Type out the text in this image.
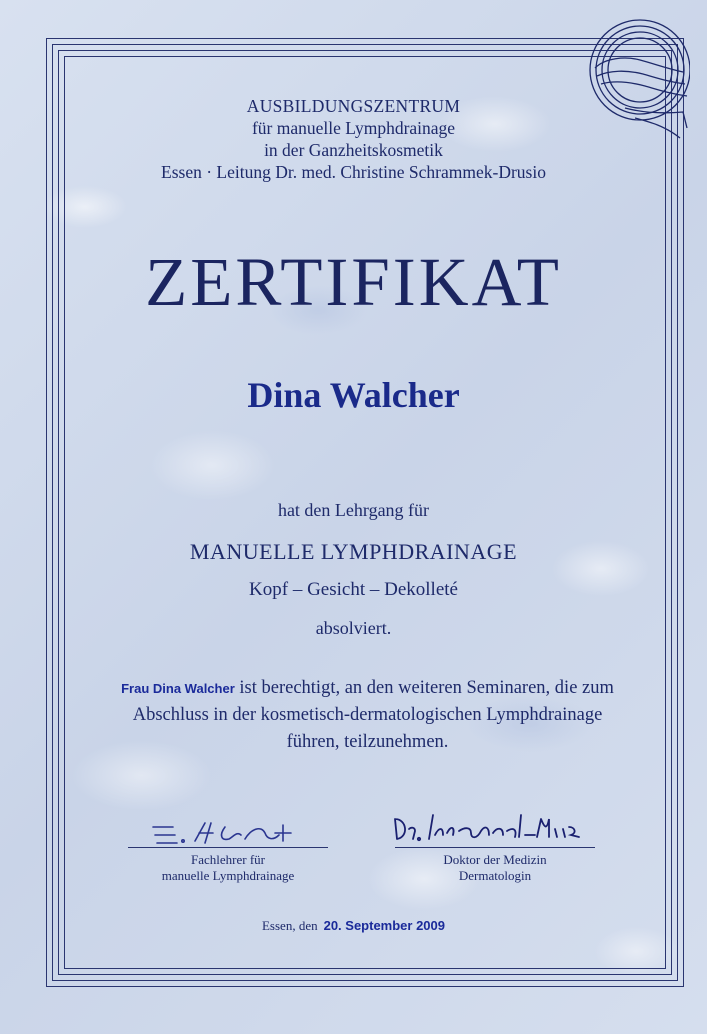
AUSBILDUNGSZENTRUM
für manuelle Lymphdrainage
in der Ganzheitskosmetik
Essen · Leitung Dr. med. Christine Schrammek-Drusio
ZERTIFIKAT
Dina Walcher
hat den Lehrgang für
MANUELLE LYMPHDRAINAGE
Kopf – Gesicht – Dekolleté
absolviert.
Frau Dina Walcher ist berechtigt, an den weiteren Seminaren, die zum Abschluss in der kosmetisch-dermatologischen Lymphdrainage führen, teilzunehmen.
Fachlehrer für
manuelle Lymphdrainage
Doktor der Medizin
Dermatologin
Essen, den 20. September 2009
